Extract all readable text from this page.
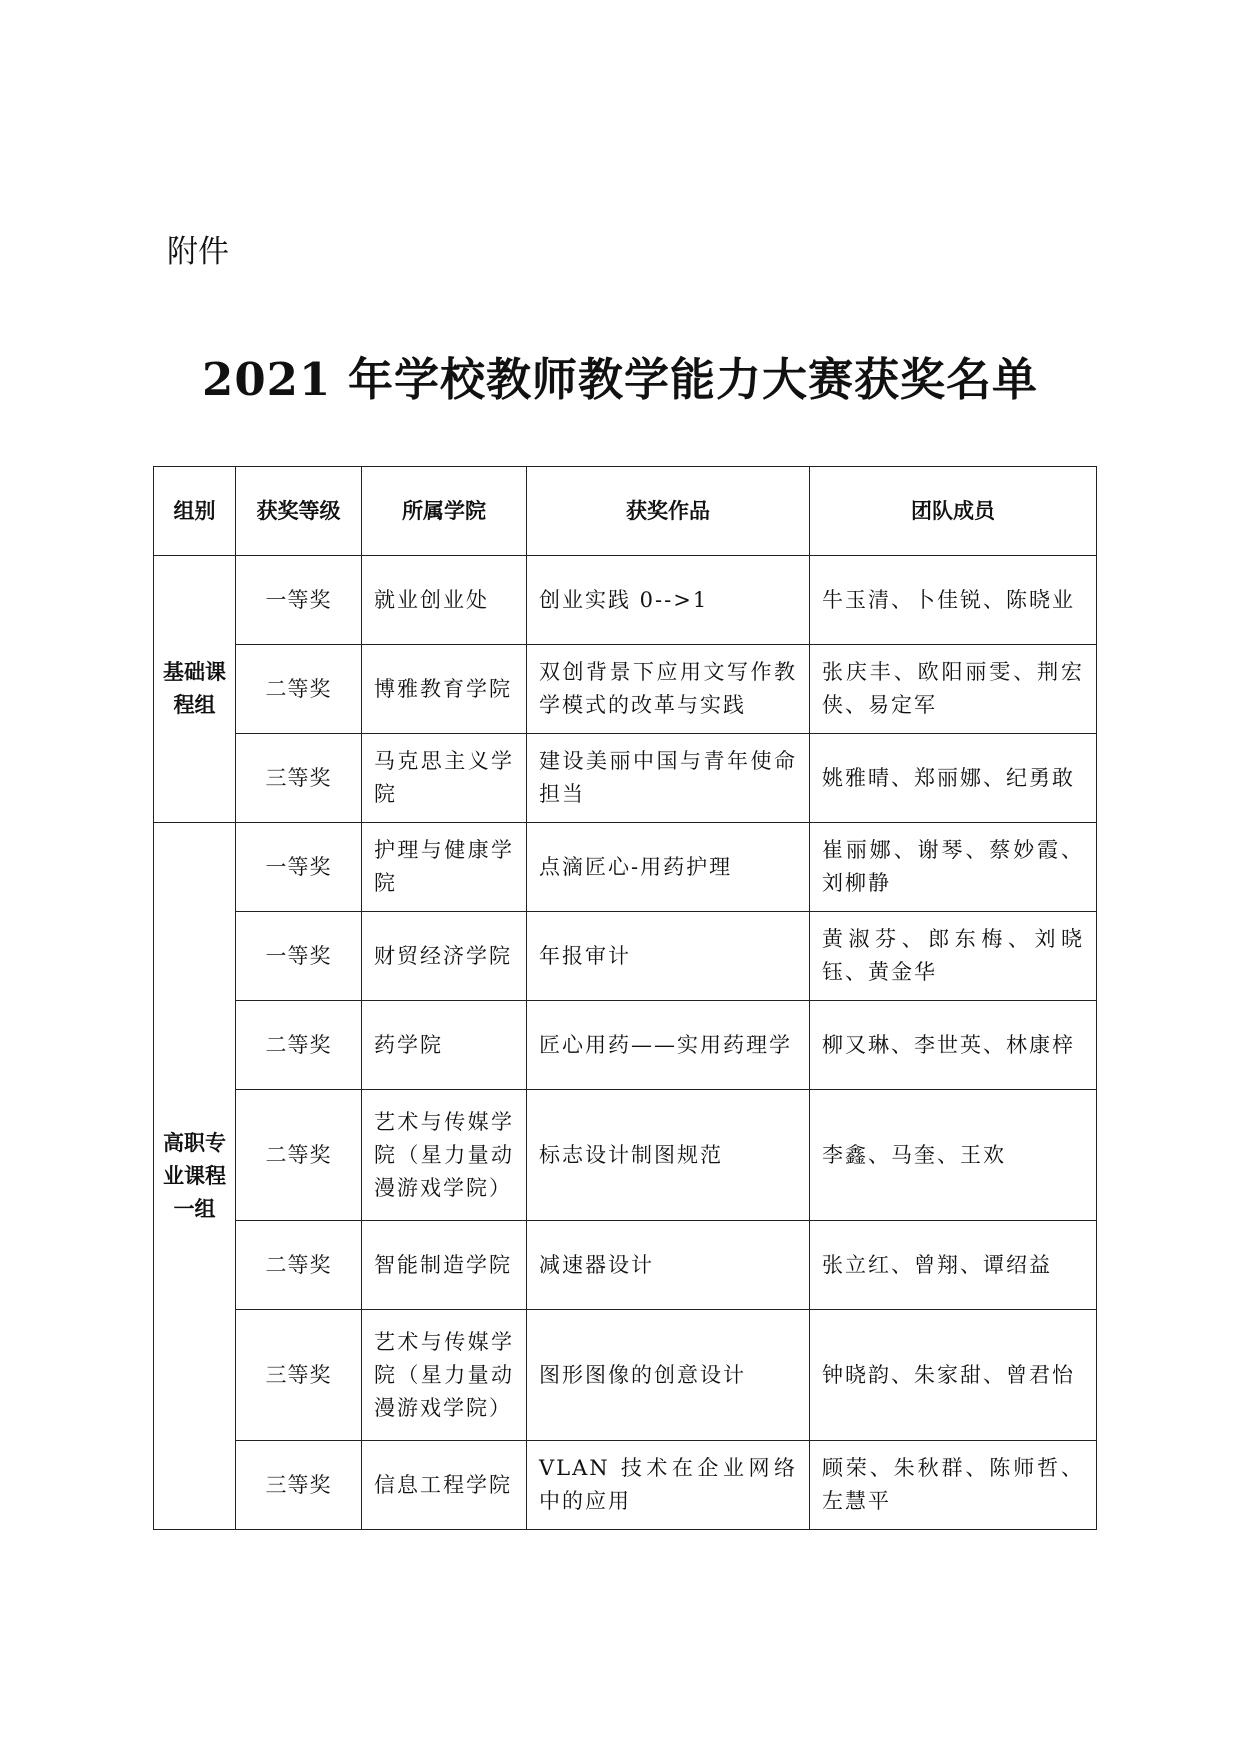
附件

2021 年学校教师教学能力大赛获奖名单
组别	获奖等级	所属学院	获奖作品	团队成员
基础课程组	一等奖	就业创业处	创业实践 0-->1	牛玉清、卜佳锐、陈晓业
	二等奖	博雅教育学院	双创背景下应用文写作教学模式的改革与实践	张庆丰、欧阳丽雯、荆宏侠、易定军
	三等奖	马克思主义学院	建设美丽中国与青年使命担当	姚雅晴、郑丽娜、纪勇敢
高职专业课程一组	一等奖	护理与健康学院	点滴匠心-用药护理	崔丽娜、谢琴、蔡妙霞、刘柳静
	一等奖	财贸经济学院	年报审计	黄淑芬、郎东梅、刘晓钰、黄金华
	二等奖	药学院	匠心用药——实用药理学	柳又琳、李世英、林康梓
	二等奖	艺术与传媒学院（星力量动漫游戏学院）	标志设计制图规范	李鑫、马奎、王欢
	二等奖	智能制造学院	减速器设计	张立红、曾翔、谭绍益
	三等奖	艺术与传媒学院（星力量动漫游戏学院）	图形图像的创意设计	钟晓韵、朱家甜、曾君怡
	三等奖	信息工程学院	VLAN 技术在企业网络中的应用	顾荣、朱秋群、陈师哲、左慧平
